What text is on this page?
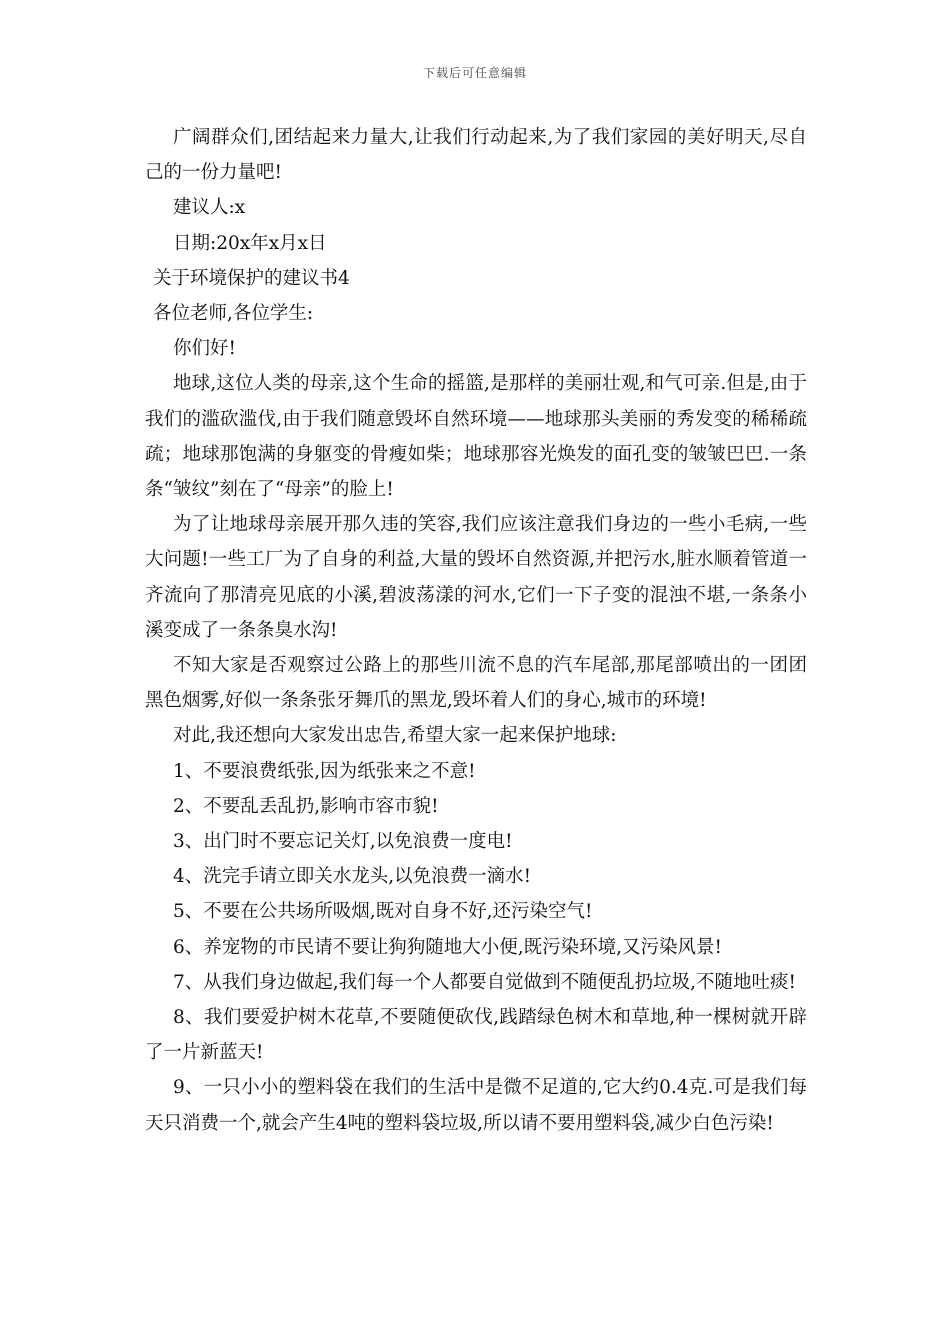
下载后可任意编辑

广阔群众们,团结起来力量大,让我们行动起来,为了我们家园的美好明天,尽自己的一份力量吧!

建议人:x

日期:20x年x月x日

关于环境保护的建议书4

各位老师,各位学生:

你们好!

地球,这位人类的母亲,这个生命的摇篮,是那样的美丽壮观,和气可亲.但是,由于我们的滥砍滥伐,由于我们随意毁坏自然环境——地球那头美丽的秀发变的稀稀疏疏；地球那饱满的身躯变的骨瘦如柴；地球那容光焕发的面孔变的皱皱巴巴.一条条“皱纹”刻在了“母亲”的脸上!

为了让地球母亲展开那久违的笑容,我们应该注意我们身边的一些小毛病,一些大问题!一些工厂为了自身的利益,大量的毁坏自然资源,并把污水,脏水顺着管道一齐流向了那清亮见底的小溪,碧波荡漾的河水,它们一下子变的混浊不堪,一条条小溪变成了一条条臭水沟!

不知大家是否观察过公路上的那些川流不息的汽车尾部,那尾部喷出的一团团黑色烟雾,好似一条条张牙舞爪的黑龙,毁坏着人们的身心,城市的环境!

对此,我还想向大家发出忠告,希望大家一起来保护地球:

1、不要浪费纸张,因为纸张来之不意!

2、不要乱丢乱扔,影响市容市貌!

3、出门时不要忘记关灯,以免浪费一度电!

4、洗完手请立即关水龙头,以免浪费一滴水!

5、不要在公共场所吸烟,既对自身不好,还污染空气!

6、养宠物的市民请不要让狗狗随地大小便,既污染环境,又污染风景!

7、从我们身边做起,我们每一个人都要自觉做到不随便乱扔垃圾,不随地吐痰!

8、我们要爱护树木花草,不要随便砍伐,践踏绿色树木和草地,种一棵树就开辟了一片新蓝天!

9、一只小小的塑料袋在我们的生活中是微不足道的,它大约0.4克.可是我们每天只消费一个,就会产生4吨的塑料袋垃圾,所以请不要用塑料袋,减少白色污染!
